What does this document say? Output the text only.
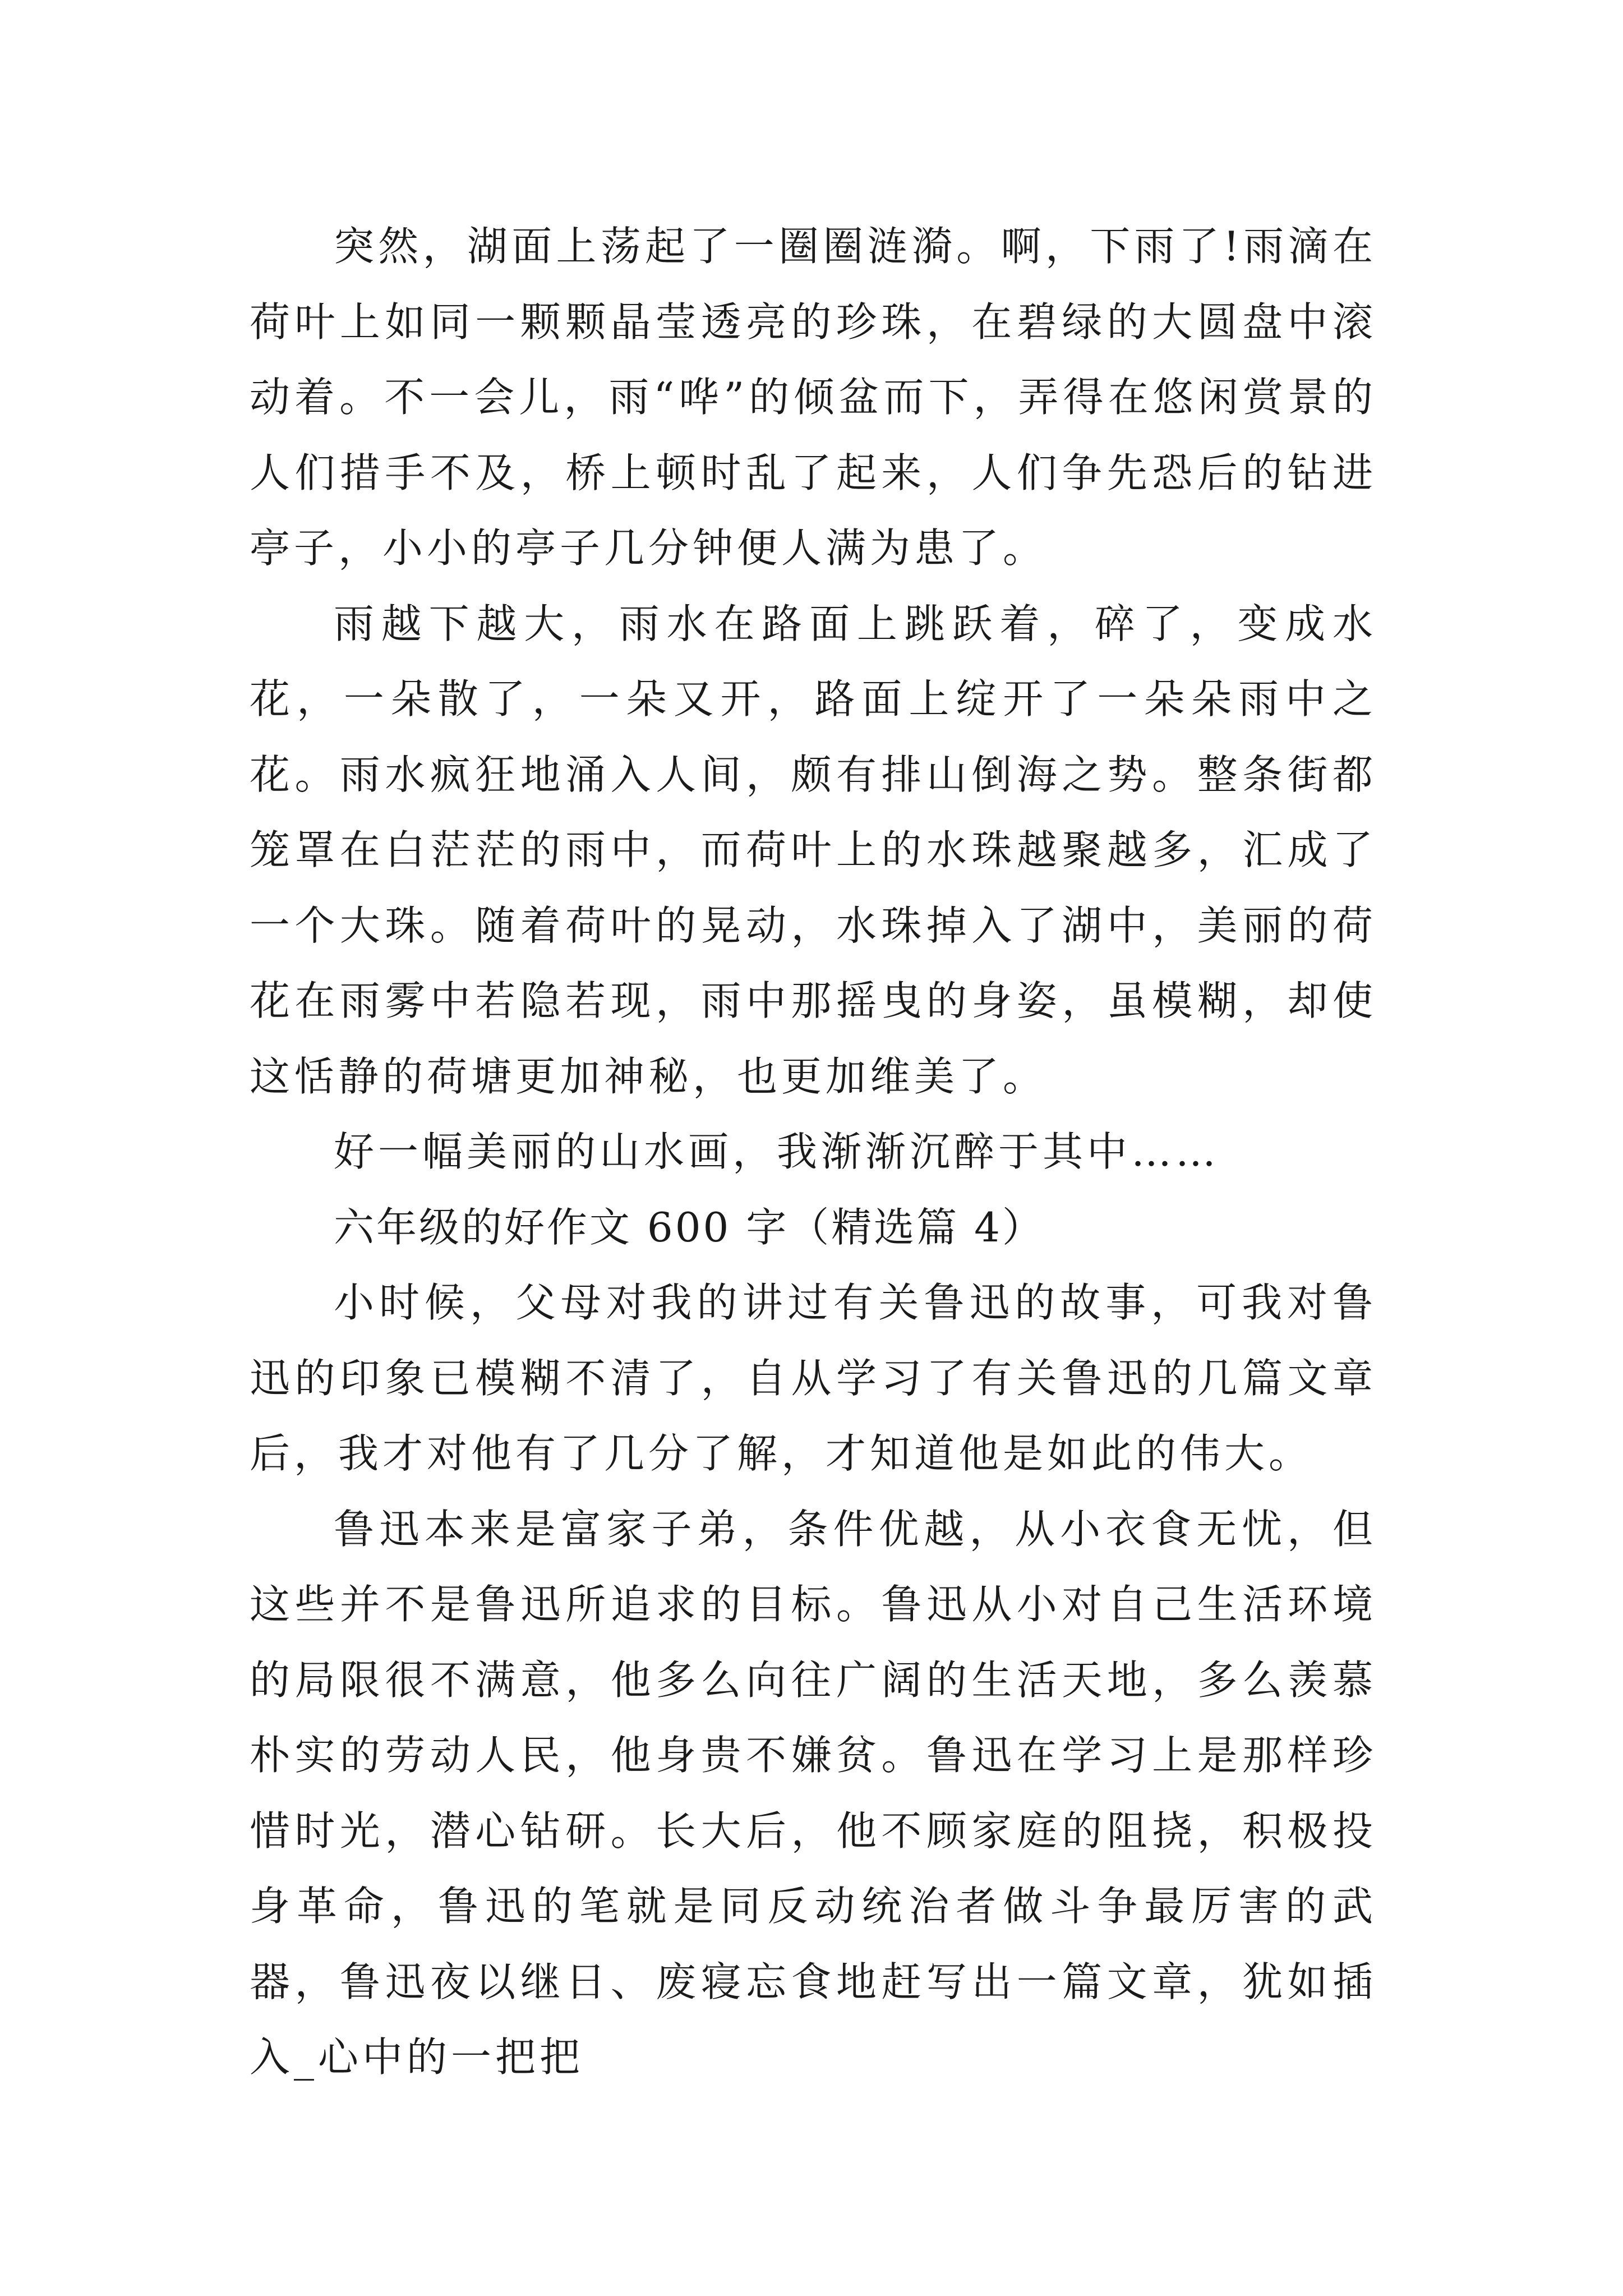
突然，湖面上荡起了一圈圈涟漪。啊，下雨了!雨滴在荷叶上如同一颗颗晶莹透亮的珍珠，在碧绿的大圆盘中滚动着。不一会儿，雨“哗”的倾盆而下，弄得在悠闲赏景的人们措手不及，桥上顿时乱了起来，人们争先恐后的钻进亭子，小小的亭子几分钟便人满为患了。

雨越下越大，雨水在路面上跳跃着，碎了，变成水花，一朵散了，一朵又开，路面上绽开了一朵朵雨中之花。雨水疯狂地涌入人间，颇有排山倒海之势。整条街都笼罩在白茫茫的雨中，而荷叶上的水珠越聚越多，汇成了一个大珠。随着荷叶的晃动，水珠掉入了湖中，美丽的荷花在雨雾中若隐若现，雨中那摇曳的身姿，虽模糊，却使这恬静的荷塘更加神秘，也更加维美了。

好一幅美丽的山水画，我渐渐沉醉于其中……

六年级的好作文 600 字（精选篇 4）

小时候，父母对我的讲过有关鲁迅的故事，可我对鲁迅的印象已模糊不清了，自从学习了有关鲁迅的几篇文章后，我才对他有了几分了解，才知道他是如此的伟大。

鲁迅本来是富家子弟，条件优越，从小衣食无忧，但这些并不是鲁迅所追求的目标。鲁迅从小对自己生活环境的局限很不满意，他多么向往广阔的生活天地，多么羡慕朴实的劳动人民，他身贵不嫌贫。鲁迅在学习上是那样珍惜时光，潜心钻研。长大后，他不顾家庭的阻挠，积极投身革命，鲁迅的笔就是同反动统治者做斗争最厉害的武器，鲁迅夜以继日、废寝忘食地赶写出一篇文章，犹如插入_心中的一把把
